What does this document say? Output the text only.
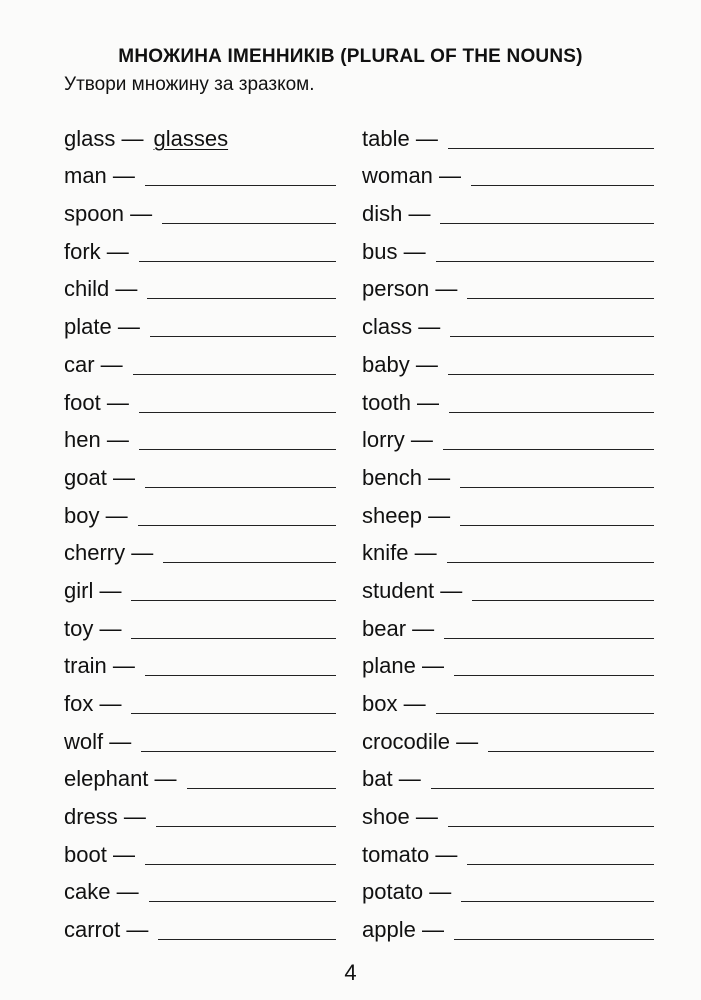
МНОЖИНА ІМЕННИКІВ (PLURAL OF THE NOUNS)
Утвори множину за зразком.
glass — glasses	table —
man —	woman —
spoon —	dish —
fork —	bus —
child —	person —
plate —	class —
car —	baby —
foot —	tooth —
hen —	lorry —
goat —	bench —
boy —	sheep —
cherry —	knife —
girl —	student —
toy —	bear —
train —	plane —
fox —	box —
wolf —	crocodile —
elephant —	bat —
dress —	shoe —
boot —	tomato —
cake —	potato —
carrot —	apple —
4
